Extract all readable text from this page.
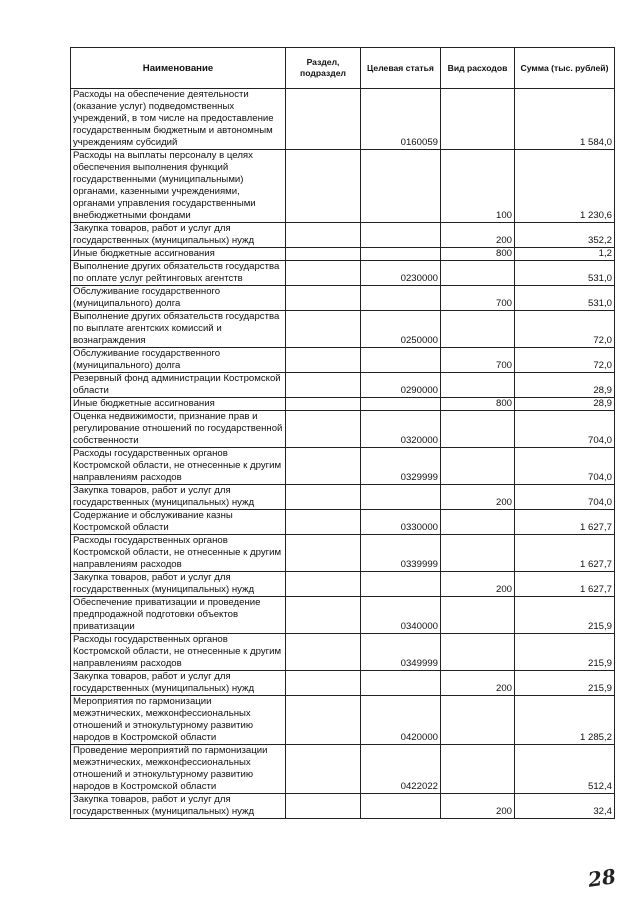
Наименование	Раздел, подраздел	Целевая статья	Вид расходов	Сумма (тыс. рублей)
Расходы на обеспечение деятельности (оказание услуг) подведомственных учреждений, в том числе на предоставление государственным бюджетным и автономным учреждениям субсидий		0160059		1 584,0
Расходы на выплаты персоналу в целях обеспечения выполнения функций государственными (муниципальными) органами, казенными учреждениями, органами управления государственными внебюджетными фондами			100	1 230,6
Закупка товаров, работ и услуг для государственных (муниципальных) нужд			200	352,2
Иные бюджетные ассигнования			800	1,2
Выполнение других обязательств государства по оплате услуг рейтинговых агентств		0230000		531,0
Обслуживание государственного (муниципального) долга			700	531,0
Выполнение других обязательств государства по выплате агентских комиссий и вознаграждения		0250000		72,0
Обслуживание государственного (муниципального) долга			700	72,0
Резервный фонд администрации Костромской области		0290000		28,9
Иные бюджетные ассигнования			800	28,9
Оценка недвижимости, признание прав и регулирование отношений по государственной собственности		0320000		704,0
Расходы государственных органов Костромской области, не отнесенные к другим направлениям расходов		0329999		704,0
Закупка товаров, работ и услуг для государственных (муниципальных) нужд			200	704,0
Содержание и обслуживание казны Костромской области		0330000		1 627,7
Расходы государственных органов Костромской области, не отнесенные к другим направлениям расходов		0339999		1 627,7
Закупка товаров, работ и услуг для государственных (муниципальных) нужд			200	1 627,7
Обеспечение приватизации и проведение предпродажной подготовки объектов приватизации		0340000		215,9
Расходы государственных органов Костромской области, не отнесенные к другим направлениям расходов		0349999		215,9
Закупка товаров, работ и услуг для государственных (муниципальных) нужд			200	215,9
Мероприятия по гармонизации межэтнических, межконфессиональных отношений и этнокультурному развитию народов в Костромской области		0420000		1 285,2
Проведение мероприятий по гармонизации межэтнических, межконфессиональных отношений и этнокультурному развитию народов в Костромской области		0422022		512,4
Закупка товаров, работ и услуг для государственных (муниципальных) нужд			200	32,4
28
